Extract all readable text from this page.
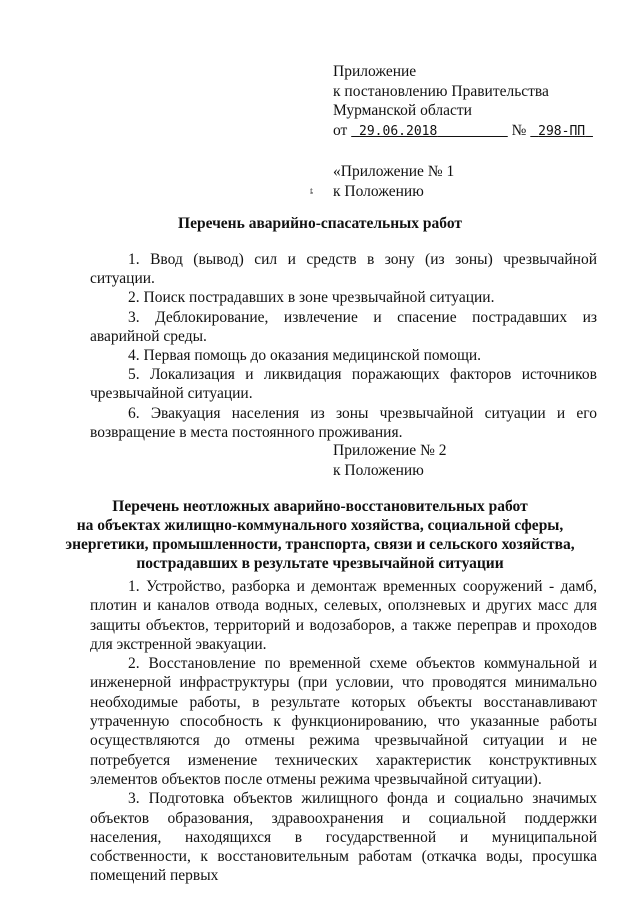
Приложение
к постановлению Правительства
Мурманской области
от 29.06.2018	№ 298-ПП
«Приложение № 1
к Положению
ȶ
Перечень аварийно-спасательных работ

1. Ввод (вывод) сил и средств в зону (из зоны) чрезвычайной ситуации.

2. Поиск пострадавших в зоне чрезвычайной ситуации.

3. Деблокирование, извлечение и спасение пострадавших из аварийной среды.

4. Первая помощь до оказания медицинской помощи.

5. Локализация и ликвидация поражающих факторов источников чрезвычайной ситуации.

6. Эвакуация населения из зоны чрезвычайной ситуации и его возвращение в места постоянного проживания.

Приложение № 2
к Положению
Перечень неотложных аварийно-восстановительных работ
на объектах жилищно-коммунального хозяйства, социальной сферы,
энергетики, промышленности, транспорта, связи и сельского хозяйства,
пострадавших в результате чрезвычайной ситуации

1. Устройство, разборка и демонтаж временных сооружений - дамб, плотин и каналов отвода водных, селевых, оползневых и других масс для защиты объектов, территорий и водозаборов, а также переправ и проходов для экстренной эвакуации.

2. Восстановление по временной схеме объектов коммунальной и инженерной инфраструктуры (при условии, что проводятся минимально необходимые работы, в результате которых объекты восстанавливают утраченную способность к функционированию, что указанные работы осуществляются до отмены режима чрезвычайной ситуации и не потребуется изменение технических характеристик конструктивных элементов объектов после отмены режима чрезвычайной ситуации).

3. Подготовка объектов жилищного фонда и социально значимых объектов образования, здравоохранения и социальной поддержки населения, находящихся в государственной и муниципальной собственности, к восстановительным работам (откачка воды, просушка помещений первых
